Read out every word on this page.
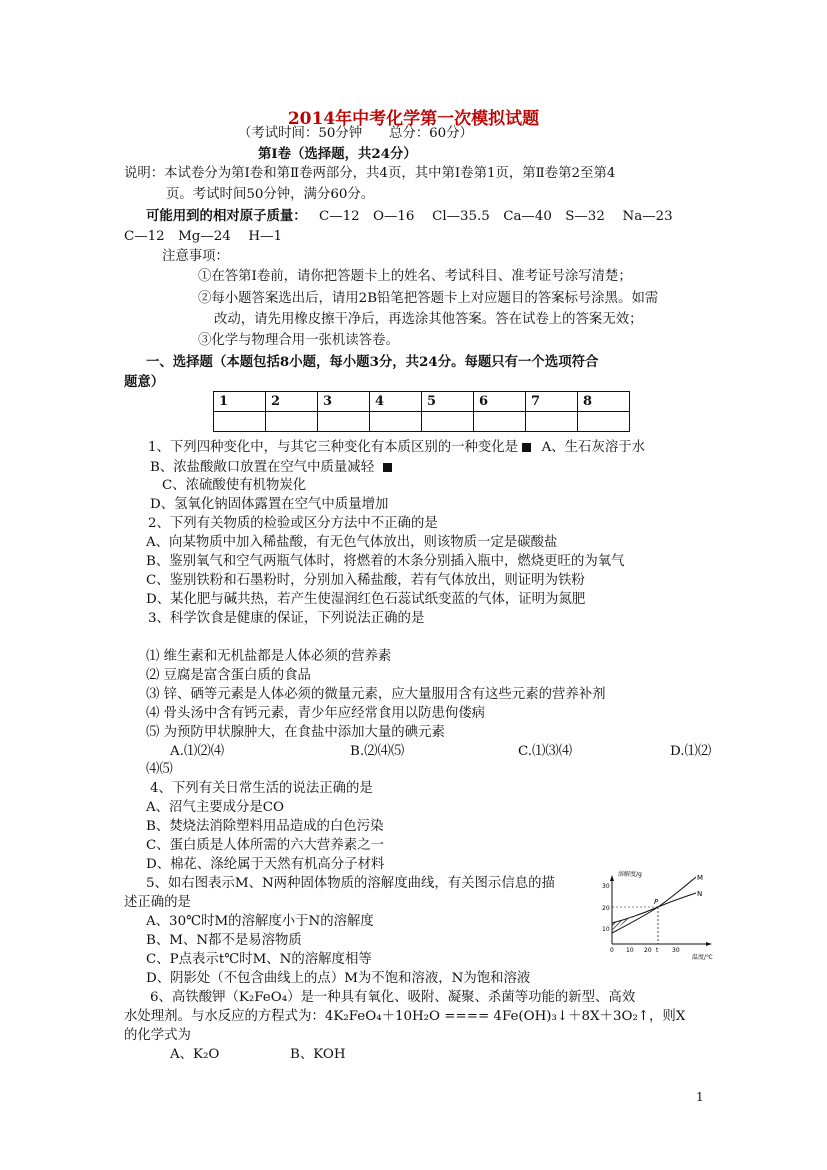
2014年中考化学第一次模拟试题
（考试时间：50分钟　　总分：60分）
第Ⅰ卷（选择题，共24分）
说明：本试卷分为第Ⅰ卷和第Ⅱ卷两部分，共4页，其中第Ⅰ卷第1页，第Ⅱ卷第2至第4
页。考试时间50分钟，满分60分。
可能用到的相对原子质量： C—12　O—16　 Cl—35.5　Ca—40　S—32　 Na—23
C—12　Mg—24　 H—1
注意事项：
①在答第Ⅰ卷前，请你把答题卡上的姓名、考试科目、准考证号涂写清楚；
②每小题答案选出后，请用2B铅笔把答题卡上对应题目的答案标号涂黑。如需
改动，请先用橡皮擦干净后，再选涂其他答案。答在试卷上的答案无效；
③化学与物理合用一张机读答卷。
一、选择题（本题包括8小题，每小题3分，共24分。每题只有一个选项符合
题意）
1	2	3	4	5	6	7	8

1、下列四种变化中，与其它三种变化有本质区别的一种变化是 A、生石灰溶于水
B、浓盐酸敞口放置在空气中质量减轻
C、浓硫酸使有机物炭化
D、氢氧化钠固体露置在空气中质量增加
2、下列有关物质的检验或区分方法中不正确的是
A、向某物质中加入稀盐酸，有无色气体放出，则该物质一定是碳酸盐
B、鉴别氧气和空气两瓶气体时，将燃着的木条分别插入瓶中，燃烧更旺的为氧气
C、鉴别铁粉和石墨粉时，分别加入稀盐酸，若有气体放出，则证明为铁粉
D、某化肥与碱共热，若产生使湿润红色石蕊试纸变蓝的气体，证明为氮肥
3、科学饮食是健康的保证，下列说法正确的是
⑴ 维生素和无机盐都是人体必须的营养素
⑵ 豆腐是富含蛋白质的食品
⑶ 锌、硒等元素是人体必须的微量元素，应大量服用含有这些元素的营养补剂
⑷ 骨头汤中含有钙元素，青少年应经常食用以防患佝偻病
⑸ 为预防甲状腺肿大，在食盐中添加大量的碘元素
A.⑴⑵⑷	B.⑵⑷⑸	C.⑴⑶⑷	D.⑴⑵
⑷⑸
4、下列有关日常生活的说法正确的是
A、沼气主要成分是CO
B、焚烧法消除塑料用品造成的白色污染
C、蛋白质是人体所需的六大营养素之一
D、棉花、涤纶属于天然有机高分子材料
5、如右图表示M、N两种固体物质的溶解度曲线，有关图示信息的描
述正确的是
A、30℃时M的溶解度小于N的溶解度
B、M、N都不是易溶物质
C、P点表示t℃时M、N的溶解度相等
D、阴影处（不包含曲线上的点）M为不饱和溶液，N为饱和溶液
溶解度/g
温度/℃
30
20
10
0 10 20 t 30
M
N
P
6、高铁酸钾（K₂FeO₄）是一种具有氧化、吸附、凝聚、杀菌等功能的新型、高效
水处理剂。与水反应的方程式为：4K₂FeO₄＋10H₂O ==== 4Fe(OH)₃↓＋8X＋3O₂↑，则X
的化学式为
A、K₂O	B、KOH
1
